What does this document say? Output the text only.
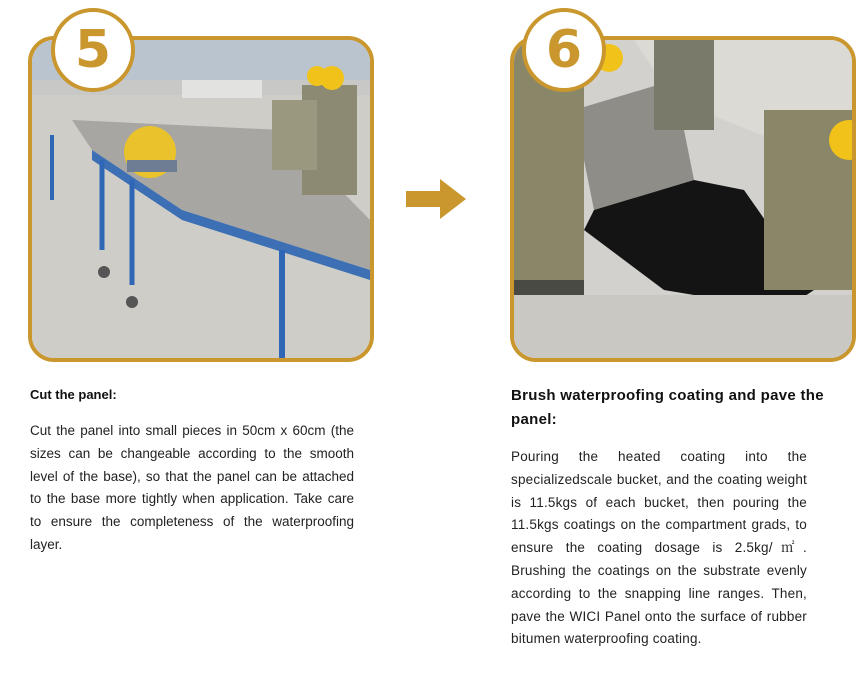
5	6
Cut the panel:
Cut the panel into small pieces in 50cm x 60cm (the sizes can be changeable according to the smooth level of the base), so that the panel can be attached to the base more tightly when application. Take care to ensure the completeness of the waterproofing layer.
Brush waterproofing coating and pave the panel:
Pouring the heated coating into the specializedscale bucket, and the coating weight is 11.5kgs of each bucket, then pouring the 11.5kgs coatings on the compartment grads, to ensure the coating dosage is 2.5kg/㎡. Brushing the coatings on the substrate evenly according to the snapping line ranges. Then, pave the WICI Panel onto the surface of rubber bitumen waterproofing coating.
